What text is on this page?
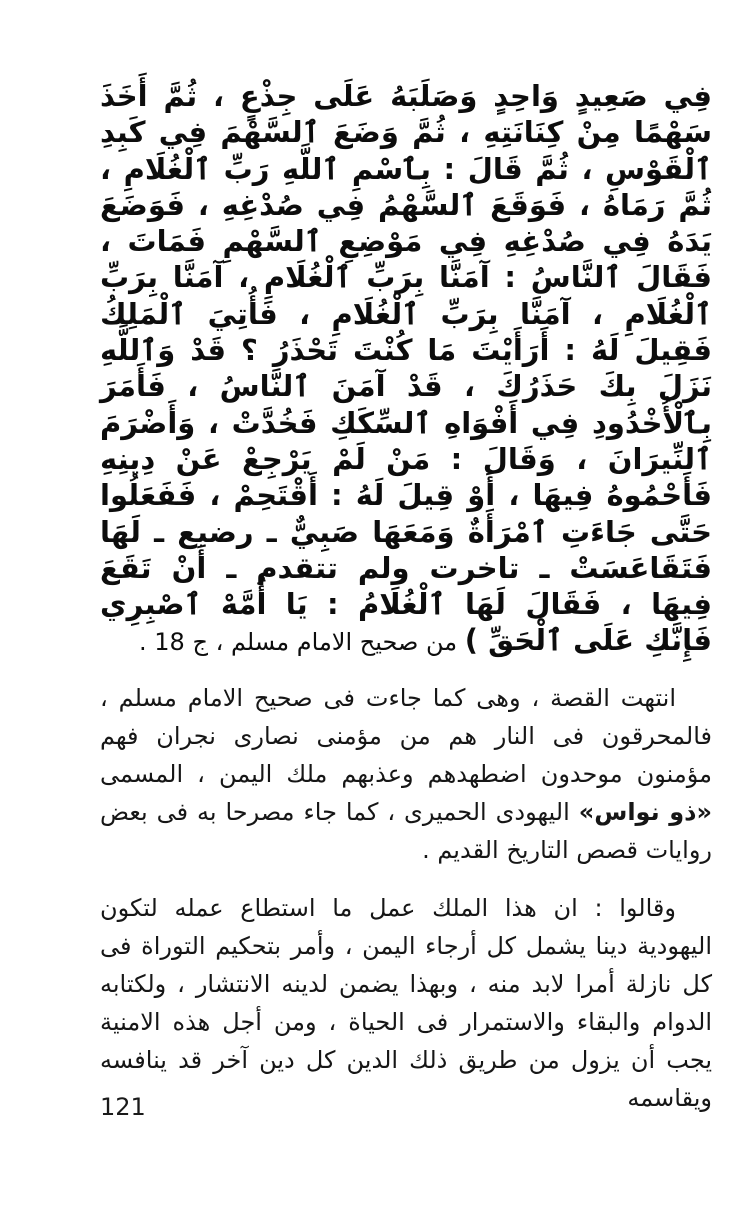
فِي صَعِيدٍ وَاحِدٍ وَصَلَبَهُ عَلَى جِذْعٍ ، ثُمَّ أَخَذَ سَهْمًا مِنْ كِنَانَتِهِ ، ثُمَّ وَضَعَ ٱلسَّهْمَ فِي كَبِدِ ٱلْقَوْسِ ، ثُمَّ قَالَ : بِٱسْمِ ٱللَّهِ رَبِّ ٱلْغُلَامِ ، ثُمَّ رَمَاهُ ، فَوَقَعَ ٱلسَّهْمُ فِي صُدْغِهِ ، فَوَضَعَ يَدَهُ فِي صُدْغِهِ فِي مَوْضِعِ ٱلسَّهْمِ فَمَاتَ ، فَقَالَ ٱلنَّاسُ : آمَنَّا بِرَبِّ ٱلْغُلَامِ ، آمَنَّا بِرَبِّ ٱلْغُلَامِ ، آمَنَّا بِرَبِّ ٱلْغُلَامِ ، فَأُتِيَ ٱلْمَلِكُ فَقِيلَ لَهُ : أَرَأَيْتَ مَا كُنْتَ تَحْذَرُ ؟ قَدْ وَٱللَّهِ نَزَلَ بِكَ حَذَرُكَ ، قَدْ آمَنَ ٱلنَّاسُ ، فَأَمَرَ بِٱلْأُخْدُودِ فِي أَفْوَاهِ ٱلسِّكَكِ فَخُدَّتْ ، وَأَضْرَمَ ٱلنِّيرَانَ ، وَقَالَ : مَنْ لَمْ يَرْجِعْ عَنْ دِينِهِ فَأَحْمُوهُ فِيهَا ، أَوْ قِيلَ لَهُ : أَقْتَحِمْ ، فَفَعَلُوا حَتَّى جَاءَتِ ٱمْرَأَةٌ وَمَعَهَا صَبِيٌّ ـ رضيع ـ لَهَا فَتَقَاعَسَتْ ـ تاخرت ولم تتقدم ـ أَنْ تَقَعَ فِيهَا ، فَقَالَ لَهَا ٱلْغُلَامُ : يَا أُمَّهْ ٱصْبِرِي فَإِنَّكِ عَلَى ٱلْحَقِّ ) من صحيح الامام مسلم ، ج 18 .

انتهت القصة ، وهى كما جاءت فى صحيح الامام مسلم ، فالمحرقون فى النار هم من مؤمنى نصارى نجران فهم مؤمنون موحدون اضطهدهم وعذبهم ملك اليمن ، المسمى «ذو نواس» اليهودى الحميرى ، كما جاء مصرحا به فى بعض روايات قصص التاريخ القديم .

وقالوا : ان هذا الملك عمل ما استطاع عمله لتكون اليهودية دينا يشمل كل أرجاء اليمن ، وأمر بتحكيم التوراة فى كل نازلة أمرا لابد منه ، وبهذا يضمن لدينه الانتشار ، ولكتابه الدوام والبقاء والاستمرار فى الحياة ، ومن أجل هذه الامنية يجب أن يزول من طريق ذلك الدين كل دين آخر قد ينافسه ويقاسمه

121
